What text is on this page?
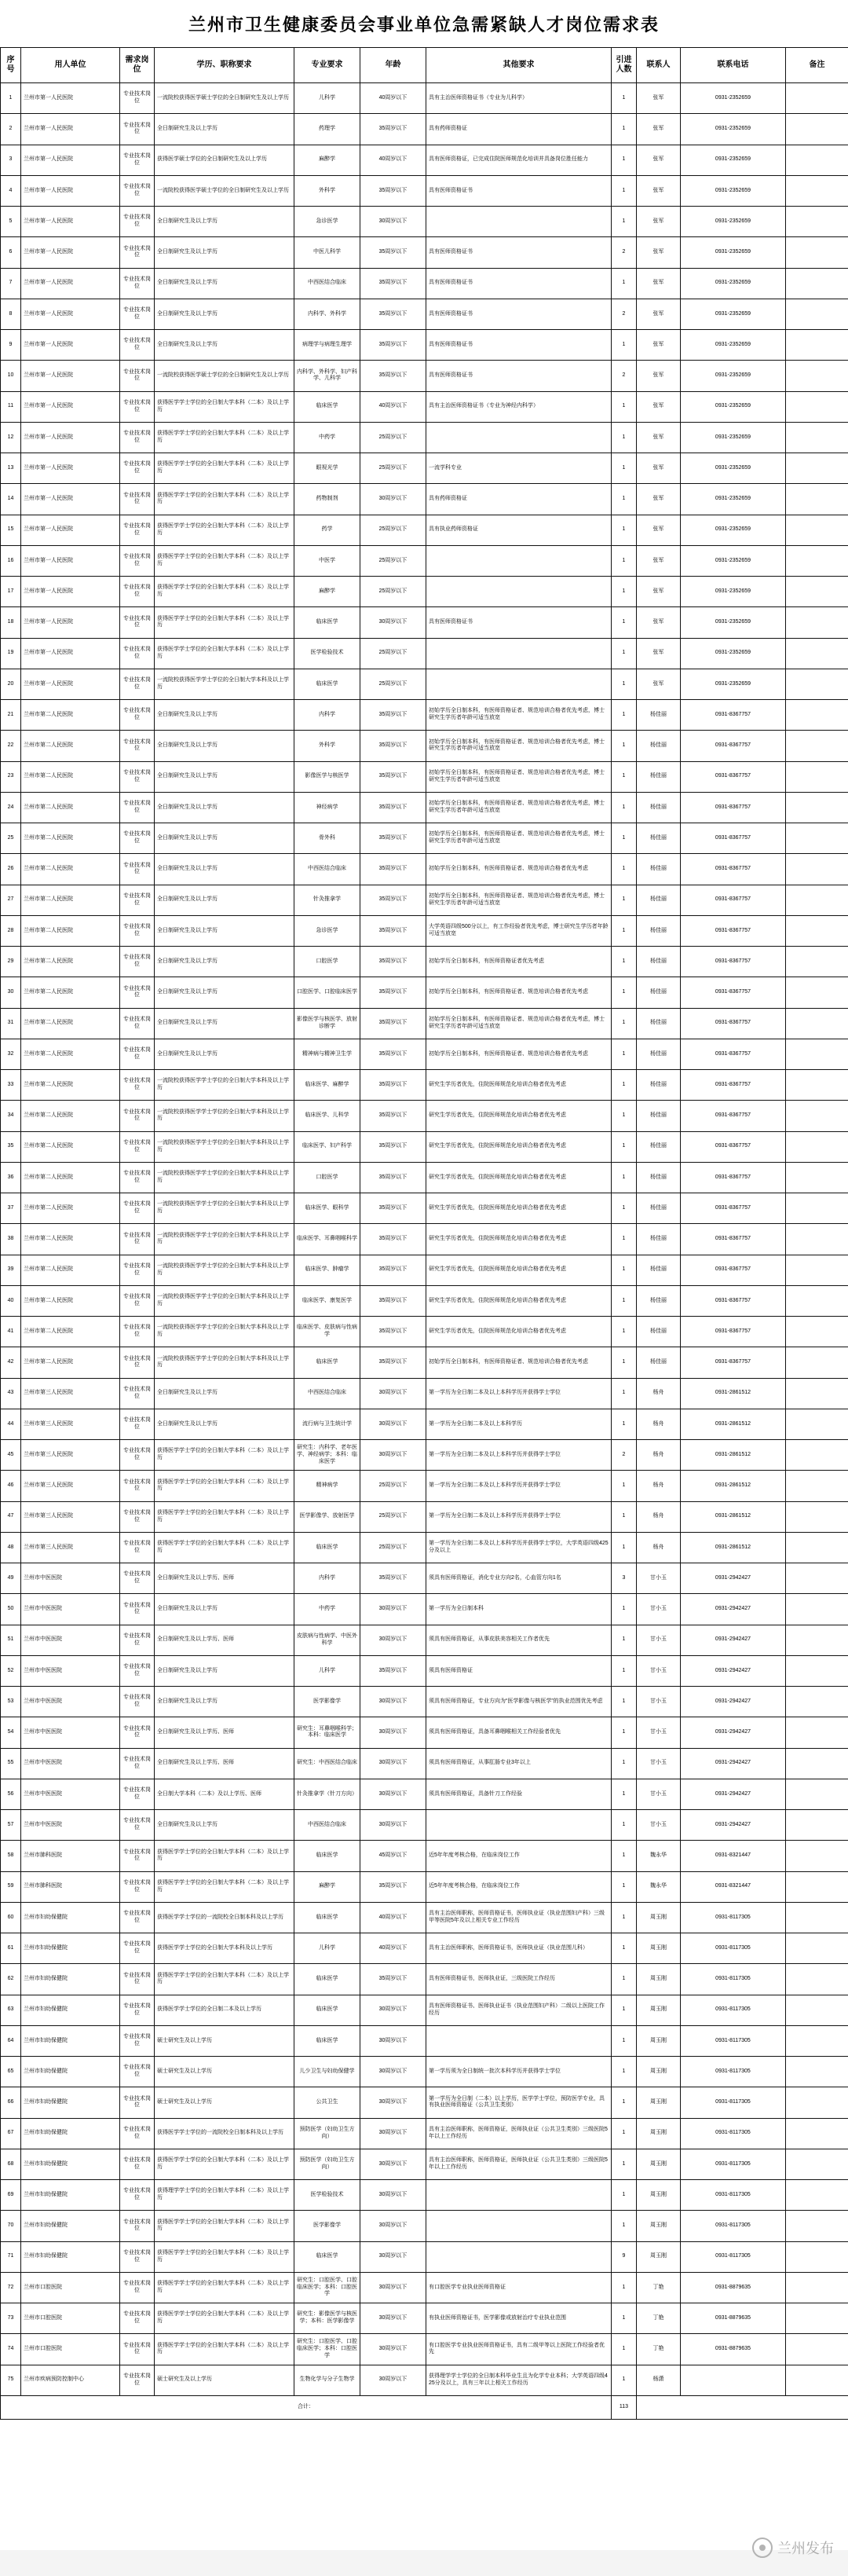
兰州市卫生健康委员会事业单位急需紧缺人才岗位需求表
序号	用人单位	需求岗位	学历、职称要求	专业要求	年龄	其他要求	引进人数	联系人	联系电话	备注
1	兰州市第一人民医院	专业技术岗位	一流院校获得医学硕士学位的全日制研究生及以上学历	儿科学	40周岁以下	具有主治医师资格证书（专业为儿科学）	1	张军	0931-2352659	
2	兰州市第一人民医院	专业技术岗位	全日制研究生及以上学历	药理学	35周岁以下	具有药师资格证	1	张军	0931-2352659	
3	兰州市第一人民医院	专业技术岗位	获得医学硕士学位的全日制研究生及以上学历	麻醉学	40周岁以下	具有医师资格证，已完成住院医师规范化培训并具备岗位胜任能力	1	张军	0931-2352659	
4	兰州市第一人民医院	专业技术岗位	一流院校获得医学硕士学位的全日制研究生及以上学历	外科学	35周岁以下	具有医师资格证书	1	张军	0931-2352659	
5	兰州市第一人民医院	专业技术岗位	全日制研究生及以上学历	急诊医学	30周岁以下		1	张军	0931-2352659	
6	兰州市第一人民医院	专业技术岗位	全日制研究生及以上学历	中医儿科学	35周岁以下	具有医师资格证书	2	张军	0931-2352659	
7	兰州市第一人民医院	专业技术岗位	全日制研究生及以上学历	中西医结合临床	35周岁以下	具有医师资格证书	1	张军	0931-2352659	
8	兰州市第一人民医院	专业技术岗位	全日制研究生及以上学历	内科学、外科学	35周岁以下	具有医师资格证书	2	张军	0931-2352659	
9	兰州市第一人民医院	专业技术岗位	全日制研究生及以上学历	病理学与病理生理学	35周岁以下	具有医师资格证书	1	张军	0931-2352659	
10	兰州市第一人民医院	专业技术岗位	一流院校获得医学硕士学位的全日制研究生及以上学历	内科学、外科学、妇产科学、儿科学	35周岁以下	具有医师资格证书	2	张军	0931-2352659	
11	兰州市第一人民医院	专业技术岗位	获得医学学士学位的全日制大学本科（二本）及以上学历	临床医学	40周岁以下	具有主治医师资格证书（专业为神经内科学）	1	张军	0931-2352659	
12	兰州市第一人民医院	专业技术岗位	获得医学学士学位的全日制大学本科（二本）及以上学历	中药学	25周岁以下		1	张军	0931-2352659	
13	兰州市第一人民医院	专业技术岗位	获得医学学士学位的全日制大学本科（二本）及以上学历	眼视光学	25周岁以下	一流学科专业	1	张军	0931-2352659	
14	兰州市第一人民医院	专业技术岗位	获得医学学士学位的全日制大学本科（二本）及以上学历	药物制剂	30周岁以下	具有药师资格证	1	张军	0931-2352659	
15	兰州市第一人民医院	专业技术岗位	获得医学学士学位的全日制大学本科（二本）及以上学历	药学	25周岁以下	具有执业药师资格证	1	张军	0931-2352659	
16	兰州市第一人民医院	专业技术岗位	获得医学学士学位的全日制大学本科（二本）及以上学历	中医学	25周岁以下		1	张军	0931-2352659	
17	兰州市第一人民医院	专业技术岗位	获得医学学士学位的全日制大学本科（二本）及以上学历	麻醉学	25周岁以下		1	张军	0931-2352659	
18	兰州市第一人民医院	专业技术岗位	获得医学学士学位的全日制大学本科（二本）及以上学历	临床医学	30周岁以下	具有医师资格证书	1	张军	0931-2352659	
19	兰州市第一人民医院	专业技术岗位	获得医学学士学位的全日制大学本科（二本）及以上学历	医学检验技术	25周岁以下		1	张军	0931-2352659	
20	兰州市第一人民医院	专业技术岗位	一流院校获得医学学士学位的全日制大学本科及以上学历	临床医学	25周岁以下		1	张军	0931-2352659	
21	兰州市第二人民医院	专业技术岗位	全日制研究生及以上学历	内科学	35周岁以下	初始学历全日制本科，有医师资格证者、规范培训合格者优先考虑，博士研究生学历者年龄可适当放宽	1	杨佳丽	0931-8367757	
22	兰州市第二人民医院	专业技术岗位	全日制研究生及以上学历	外科学	35周岁以下	初始学历全日制本科，有医师资格证者、规范培训合格者优先考虑，博士研究生学历者年龄可适当放宽	1	杨佳丽	0931-8367757	
23	兰州市第二人民医院	专业技术岗位	全日制研究生及以上学历	影像医学与核医学	35周岁以下	初始学历全日制本科，有医师资格证者、规范培训合格者优先考虑，博士研究生学历者年龄可适当放宽	1	杨佳丽	0931-8367757	
24	兰州市第二人民医院	专业技术岗位	全日制研究生及以上学历	神经病学	35周岁以下	初始学历全日制本科，有医师资格证者、规范培训合格者优先考虑，博士研究生学历者年龄可适当放宽	1	杨佳丽	0931-8367757	
25	兰州市第二人民医院	专业技术岗位	全日制研究生及以上学历	骨外科	35周岁以下	初始学历全日制本科，有医师资格证者、规范培训合格者优先考虑，博士研究生学历者年龄可适当放宽	1	杨佳丽	0931-8367757	
26	兰州市第二人民医院	专业技术岗位	全日制研究生及以上学历	中西医结合临床	35周岁以下	初始学历全日制本科，有医师资格证者、规范培训合格者优先考虑	1	杨佳丽	0931-8367757	
27	兰州市第二人民医院	专业技术岗位	全日制研究生及以上学历	针灸推拿学	35周岁以下	初始学历全日制本科，有医师资格证者、规范培训合格者优先考虑，博士研究生学历者年龄可适当放宽	1	杨佳丽	0931-8367757	
28	兰州市第二人民医院	专业技术岗位	全日制研究生及以上学历	急诊医学	35周岁以下	大学英语四级500分以上，有工作经验者优先考虑，博士研究生学历者年龄可适当放宽	1	杨佳丽	0931-8367757	
29	兰州市第二人民医院	专业技术岗位	全日制研究生及以上学历	口腔医学	35周岁以下	初始学历全日制本科，有医师资格证者优先考虑	1	杨佳丽	0931-8367757	
30	兰州市第二人民医院	专业技术岗位	全日制研究生及以上学历	口腔医学、口腔临床医学	35周岁以下	初始学历全日制本科，有医师资格证者、规范培训合格者优先考虑	1	杨佳丽	0931-8367757	
31	兰州市第二人民医院	专业技术岗位	全日制研究生及以上学历	影像医学与核医学、放射诊断学	35周岁以下	初始学历全日制本科，有医师资格证者、规范培训合格者优先考虑，博士研究生学历者年龄可适当放宽	1	杨佳丽	0931-8367757	
32	兰州市第二人民医院	专业技术岗位	全日制研究生及以上学历	精神病与精神卫生学	35周岁以下	初始学历全日制本科，有医师资格证者、规范培训合格者优先考虑	1	杨佳丽	0931-8367757	
33	兰州市第二人民医院	专业技术岗位	一流院校获得医学学士学位的全日制大学本科及以上学历	临床医学、麻醉学	35周岁以下	研究生学历者优先，住院医师规范化培训合格者优先考虑	1	杨佳丽	0931-8367757	
34	兰州市第二人民医院	专业技术岗位	一流院校获得医学学士学位的全日制大学本科及以上学历	临床医学、儿科学	35周岁以下	研究生学历者优先，住院医师规范化培训合格者优先考虑	1	杨佳丽	0931-8367757	
35	兰州市第二人民医院	专业技术岗位	一流院校获得医学学士学位的全日制大学本科及以上学历	临床医学、妇产科学	35周岁以下	研究生学历者优先，住院医师规范化培训合格者优先考虑	1	杨佳丽	0931-8367757	
36	兰州市第二人民医院	专业技术岗位	一流院校获得医学学士学位的全日制大学本科及以上学历	口腔医学	35周岁以下	研究生学历者优先，住院医师规范化培训合格者优先考虑	1	杨佳丽	0931-8367757	
37	兰州市第二人民医院	专业技术岗位	一流院校获得医学学士学位的全日制大学本科及以上学历	临床医学、眼科学	35周岁以下	研究生学历者优先，住院医师规范化培训合格者优先考虑	1	杨佳丽	0931-8367757	
38	兰州市第二人民医院	专业技术岗位	一流院校获得医学学士学位的全日制大学本科及以上学历	临床医学、耳鼻咽喉科学	35周岁以下	研究生学历者优先，住院医师规范化培训合格者优先考虑	1	杨佳丽	0931-8367757	
39	兰州市第二人民医院	专业技术岗位	一流院校获得医学学士学位的全日制大学本科及以上学历	临床医学、肿瘤学	35周岁以下	研究生学历者优先，住院医师规范化培训合格者优先考虑	1	杨佳丽	0931-8367757	
40	兰州市第二人民医院	专业技术岗位	一流院校获得医学学士学位的全日制大学本科及以上学历	临床医学、康复医学	35周岁以下	研究生学历者优先，住院医师规范化培训合格者优先考虑	1	杨佳丽	0931-8367757	
41	兰州市第二人民医院	专业技术岗位	一流院校获得医学学士学位的全日制大学本科及以上学历	临床医学、皮肤病与性病学	35周岁以下	研究生学历者优先，住院医师规范化培训合格者优先考虑	1	杨佳丽	0931-8367757	
42	兰州市第二人民医院	专业技术岗位	一流院校获得医学学士学位的全日制大学本科及以上学历	临床医学	35周岁以下	初始学历全日制本科，有医师资格证者、规范培训合格者优先考虑	1	杨佳丽	0931-8367757	
43	兰州市第三人民医院	专业技术岗位	全日制研究生及以上学历	中西医结合临床	30周岁以下	第一学历为全日制二本及以上本科学历并获得学士学位	1	杨舟	0931-2861512	
44	兰州市第三人民医院	专业技术岗位	全日制研究生及以上学历	流行病与卫生统计学	30周岁以下	第一学历为全日制二本及以上本科学历	1	杨舟	0931-2861512	
45	兰州市第三人民医院	专业技术岗位	获得医学学士学位的全日制大学本科（二本）及以上学历	研究生：内科学、老年医学、神经病学；本科：临床医学	30周岁以下	第一学历为全日制二本及以上本科学历并获得学士学位	2	杨舟	0931-2861512	
46	兰州市第三人民医院	专业技术岗位	获得医学学士学位的全日制大学本科（二本）及以上学历	精神病学	25周岁以下	第一学历为全日制二本及以上本科学历并获得学士学位	1	杨舟	0931-2861512	
47	兰州市第三人民医院	专业技术岗位	获得医学学士学位的全日制大学本科（二本）及以上学历	医学影像学、放射医学	25周岁以下	第一学历为全日制二本及以上本科学历并获得学士学位	1	杨舟	0931-2861512	
48	兰州市第三人民医院	专业技术岗位	获得医学学士学位的全日制大学本科（二本）及以上学历	临床医学	25周岁以下	第一学历为全日制二本及以上本科学历并获得学士学位，大学英语四级425分及以上	1	杨舟	0931-2861512	
49	兰州市中医医院	专业技术岗位	全日制研究生及以上学历、医师	内科学	35周岁以下	须具有医师资格证，消化专业方向2名，心血管方向1名	3	甘小玉	0931-2942427	
50	兰州市中医医院	专业技术岗位	全日制研究生及以上学历	中药学	30周岁以下	第一学历为全日制本科	1	甘小玉	0931-2942427	
51	兰州市中医医院	专业技术岗位	全日制研究生及以上学历、医师	皮肤病与性病学、中医外科学	30周岁以下	须具有医师资格证，从事皮肤美容相关工作者优先	1	甘小玉	0931-2942427	
52	兰州市中医医院	专业技术岗位	全日制研究生及以上学历	儿科学	35周岁以下	须具有医师资格证	1	甘小玉	0931-2942427	
53	兰州市中医医院	专业技术岗位	全日制研究生及以上学历	医学影像学	30周岁以下	须具有医师资格证，专业方向为“医学影像与核医学”的执业范围优先考虑	1	甘小玉	0931-2942427	
54	兰州市中医医院	专业技术岗位	全日制研究生及以上学历、医师	研究生：耳鼻咽喉科学；本科：临床医学	30周岁以下	须具有医师资格证，具备耳鼻咽喉相关工作经验者优先	1	甘小玉	0931-2942427	
55	兰州市中医医院	专业技术岗位	全日制研究生及以上学历、医师	研究生：中西医结合临床	30周岁以下	须具有医师资格证，从事肛肠专业3年以上	1	甘小玉	0931-2942427	
56	兰州市中医医院	专业技术岗位	全日制大学本科（二本）及以上学历、医师	针灸推拿学（针刀方向）	30周岁以下	须具有医师资格证，具备针刀工作经验	1	甘小玉	0931-2942427	
57	兰州市中医医院	专业技术岗位	全日制研究生及以上学历	中西医结合临床	30周岁以下		1	甘小玉	0931-2942427	
58	兰州市肺科医院	专业技术岗位	获得医学学士学位的全日制大学本科（二本）及以上学历	临床医学	45周岁以下	近5年年度考核合格，在临床岗位工作	1	魏永华	0931-8321447	
59	兰州市肺科医院	专业技术岗位	获得医学学士学位的全日制大学本科（二本）及以上学历	麻醉学	35周岁以下	近5年年度考核合格，在临床岗位工作	1	魏永华	0931-8321447	
60	兰州市妇幼保健院	专业技术岗位	获得医学学士学位的一流院校全日制本科及以上学历	临床医学	40周岁以下	具有主治医师职称，医师资格证书，医师执业证（执业范围妇产科）三级甲等医院5年及以上相关专业工作经历	1	周玉刚	0931-8117305	
61	兰州市妇幼保健院	专业技术岗位	获得医学学士学位的全日制大学本科及以上学历	儿科学	40周岁以下	具有主治医师职称，医师资格证书，医师执业证（执业范围儿科）	1	周玉刚	0931-8117305	
62	兰州市妇幼保健院	专业技术岗位	获得医学学士学位的全日制大学本科（二本）及以上学历	临床医学	35周岁以下	具有医师资格证书，医师执业证，三级医院工作经历	1	周玉刚	0931-8117305	
63	兰州市妇幼保健院	专业技术岗位	获得医学学士学位的全日制二本及以上学历	临床医学	30周岁以下	具有医师资格证书、医师执业证书（执业范围妇产科）二级以上医院工作经历	1	周玉刚	0931-8117305	
64	兰州市妇幼保健院	专业技术岗位	硕士研究生及以上学历	临床医学	30周岁以下		1	周玉刚	0931-8117305	
65	兰州市妇幼保健院	专业技术岗位	硕士研究生及以上学历	儿少卫生与妇幼保健学	30周岁以下	第一学历须为全日制统一批次本科学历并获得学士学位	1	周玉刚	0931-8117305	
66	兰州市妇幼保健院	专业技术岗位	硕士研究生及以上学历	公共卫生	30周岁以下	第一学历为全日制（二本）以上学历，医学学士学位，预防医学专业，具有执业医师资格证（公共卫生类别）	1	周玉刚	0931-8117305	
67	兰州市妇幼保健院	专业技术岗位	获得医学学士学位的一流院校全日制本科及以上学历	预防医学（妇幼卫生方向）	30周岁以下	具有主治医师职称，医师资格证，医师执业证（公共卫生类别）三级医院5年以上工作经历	1	周玉刚	0931-8117305	
68	兰州市妇幼保健院	专业技术岗位	获得医学学士学位的全日制大学本科（二本）及以上学历	预防医学（妇幼卫生方向）	30周岁以下	具有主治医师职称，医师资格证，医师执业证（公共卫生类别）三级医院5年以上工作经历	1	周玉刚	0931-8117305	
69	兰州市妇幼保健院	专业技术岗位	获得理学学士学位的全日制大学本科（二本）及以上学历	医学检验技术	30周岁以下		1	周玉刚	0931-8117305	
70	兰州市妇幼保健院	专业技术岗位	获得医学学士学位的全日制大学本科（二本）及以上学历	医学影像学	30周岁以下		1	周玉刚	0931-8117305	
71	兰州市妇幼保健院	专业技术岗位	获得医学学士学位的全日制大学本科（二本）及以上学历	临床医学	30周岁以下		9	周玉刚	0931-8117305	
72	兰州市口腔医院	专业技术岗位	获得医学学士学位的全日制大学本科（二本）及以上学历	研究生：口腔医学、口腔临床医学；本科：口腔医学	30周岁以下	有口腔医学专业执业医师资格证	1	丁艳	0931-8879635	
73	兰州市口腔医院	专业技术岗位	获得医学学士学位的全日制大学本科（二本）及以上学历	研究生：影像医学与核医学；本科：医学影像学	30周岁以下	有执业医师资格证书，医学影像或放射治疗专业执业范围	1	丁艳	0931-8879635	
74	兰州市口腔医院	专业技术岗位	获得医学学士学位的全日制大学本科（二本）及以上学历	研究生：口腔医学、口腔临床医学；本科：口腔医学	30周岁以下	有口腔医学专业执业医师资格证书，具有二级甲等以上医院工作经验者优先	1	丁艳	0931-8879635	
75	兰州市疾病预防控制中心	专业技术岗位	硕士研究生及以上学历	生物化学与分子生物学	30周岁以下	获得理学学士学位的全日制本科毕业生且为化学专业本科；大学英语四级425分及以上，具有三年以上相关工作经历	1	杨潇		
合计：							113			
兰州发布
